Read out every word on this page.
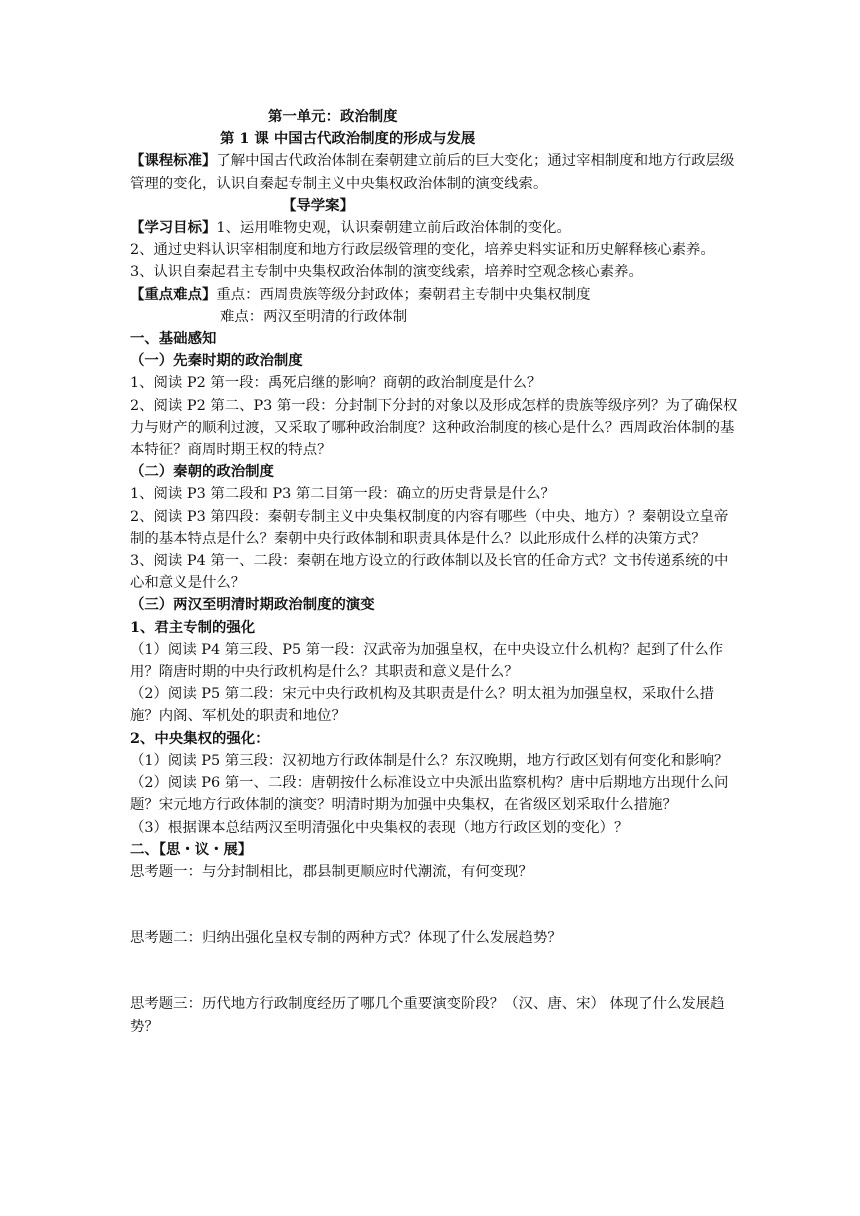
第一单元：政治制度

第 1 课 中国古代政治制度的形成与发展

【课程标准】了解中国古代政治体制在秦朝建立前后的巨大变化；通过宰相制度和地方行政层级管理的变化，认识自秦起专制主义中央集权政治体制的演变线索。

【导学案】

【学习目标】1、运用唯物史观，认识秦朝建立前后政治体制的变化。

2、通过史料认识宰相制度和地方行政层级管理的变化，培养史料实证和历史解释核心素养。

3、认识自秦起君主专制中央集权政治体制的演变线索，培养时空观念核心素养。

【重点难点】重点：西周贵族等级分封政体；秦朝君主专制中央集权制度

难点：两汉至明清的行政体制

一、基础感知

（一）先秦时期的政治制度

1、阅读 P2 第一段：禹死启继的影响？商朝的政治制度是什么？

2、阅读 P2 第二、P3 第一段：分封制下分封的对象以及形成怎样的贵族等级序列？为了确保权力与财产的顺利过渡，又采取了哪种政治制度？这种政治制度的核心是什么？西周政治体制的基本特征？商周时期王权的特点？

（二）秦朝的政治制度

1、阅读 P3 第二段和 P3 第二目第一段：确立的历史背景是什么？

2、阅读 P3 第四段：秦朝专制主义中央集权制度的内容有哪些（中央、地方）？秦朝设立皇帝制的基本特点是什么？秦朝中央行政体制和职责具体是什么？以此形成什么样的决策方式？

3、阅读 P4 第一、二段：秦朝在地方设立的行政体制以及长官的任命方式？文书传递系统的中心和意义是什么？

（三）两汉至明清时期政治制度的演变

1、君主专制的强化

（1）阅读 P4 第三段、P5 第一段：汉武帝为加强皇权，在中央设立什么机构？起到了什么作用？隋唐时期的中央行政机构是什么？其职责和意义是什么？

（2）阅读 P5 第二段：宋元中央行政机构及其职责是什么？明太祖为加强皇权，采取什么措施？内阁、军机处的职责和地位？

2、中央集权的强化：

（1）阅读 P5 第三段：汉初地方行政体制是什么？东汉晚期，地方行政区划有何变化和影响？

（2）阅读 P6 第一、二段：唐朝按什么标准设立中央派出监察机构？唐中后期地方出现什么问题？宋元地方行政体制的演变？明清时期为加强中央集权，在省级区划采取什么措施？

（3）根据课本总结两汉至明清强化中央集权的表现（地方行政区划的变化）？

二、【思・议・展】

思考题一：与分封制相比，郡县制更顺应时代潮流，有何变现？

思考题二：归纳出强化皇权专制的两种方式？体现了什么发展趋势？

思考题三：历代地方行政制度经历了哪几个重要演变阶段？（汉、唐、宋） 体现了什么发展趋势？
